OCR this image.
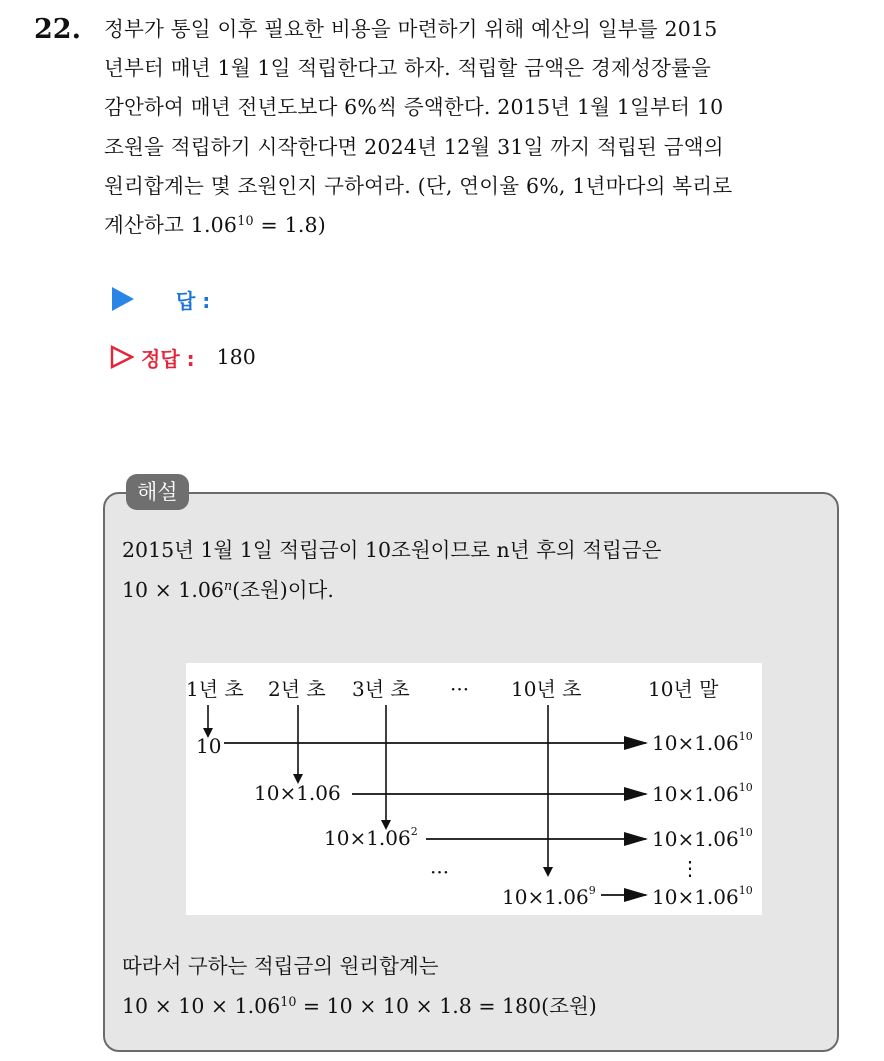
22. 정부가 통일 이후 필요한 비용을 마련하기 위해 예산의 일부를 2015
년부터 매년 1월 1일 적립한다고 하자. 적립할 금액은 경제성장률을
감안하여 매년 전년도보다 6%씩 증액한다. 2015년 1월 1일부터 10
조원을 적립하기 시작한다면 2024년 12월 31일 까지 적립된 금액의
원리합계는 몇 조원인지 구하여라. (단, 연이율 6%, 1년마다의 복리로
계산하고 $1.06^{10} = 1.8$)
답 :
정답 : 180
해설
2015년 1월 1일 적립금이 10조원이므로 n년 후의 적립금은
$10 \times 1.06^n$(조원)이다.
1년 초 2년 초 3년 초 ··· 10년 초	10년 말
10
10×1.06
$10\times 1.06^2$
···
$10\times 1.06^9$
$10\times 1.06^{10}$
$10\times 1.06^{10}$
$10\times 1.06^{10}$
⋮
$10\times 1.06^{10}$
따라서 구하는 적립금의 원리합계는
$10 \times 10 \times 1.06^{10} = 10 \times 10 \times 1.8 = 180$(조원)
